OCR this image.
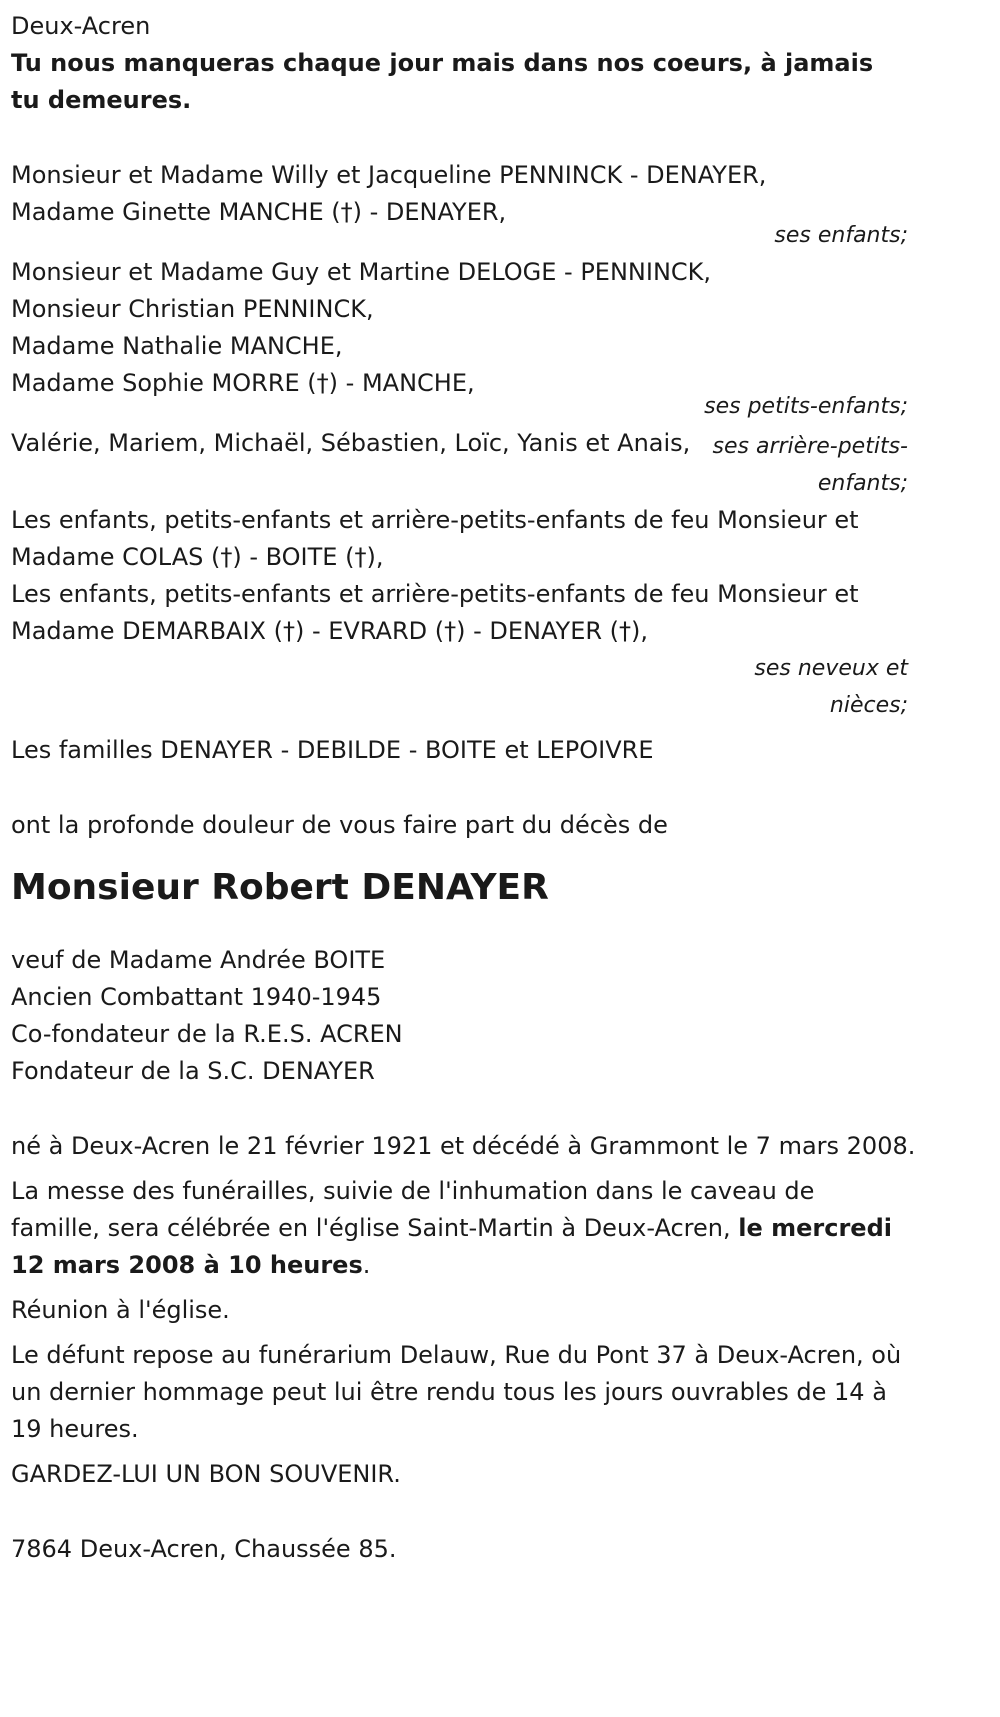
Deux-Acren
Tu nous manqueras chaque jour mais dans nos coeurs, à jamais tu demeures.
Monsieur et Madame Willy et Jacqueline PENNINCK - DENAYER,
Madame Ginette MANCHE (†) - DENAYER,
ses enfants;
Monsieur et Madame Guy et Martine DELOGE - PENNINCK,
Monsieur Christian PENNINCK,
Madame Nathalie MANCHE,
Madame Sophie MORRE (†) - MANCHE,
ses petits-enfants;
Valérie, Mariem, Michaël, Sébastien, Loïc, Yanis et Anais,	ses arrière-petits-enfants;
Les enfants, petits-enfants et arrière-petits-enfants de feu Monsieur et Madame COLAS (†) - BOITE (†),
Les enfants, petits-enfants et arrière-petits-enfants de feu Monsieur et Madame DEMARBAIX (†) - EVRARD (†) - DENAYER (†),
ses neveux et nièces;
Les familles DENAYER - DEBILDE - BOITE et LEPOIVRE
ont la profonde douleur de vous faire part du décès de
Monsieur Robert DENAYER
veuf de Madame Andrée BOITE
Ancien Combattant 1940-1945
Co-fondateur de la R.E.S. ACREN
Fondateur de la S.C. DENAYER
né à Deux-Acren le 21 février 1921 et décédé à Grammont le 7 mars 2008.
La messe des funérailles, suivie de l'inhumation dans le caveau de famille, sera célébrée en l'église Saint-Martin à Deux-Acren, le mercredi 12 mars 2008 à 10 heures.
Réunion à l'église.
Le défunt repose au funérarium Delauw, Rue du Pont 37 à Deux-Acren, où un dernier hommage peut lui être rendu tous les jours ouvrables de 14 à 19 heures.
GARDEZ-LUI UN BON SOUVENIR.
7864 Deux-Acren, Chaussée 85.
